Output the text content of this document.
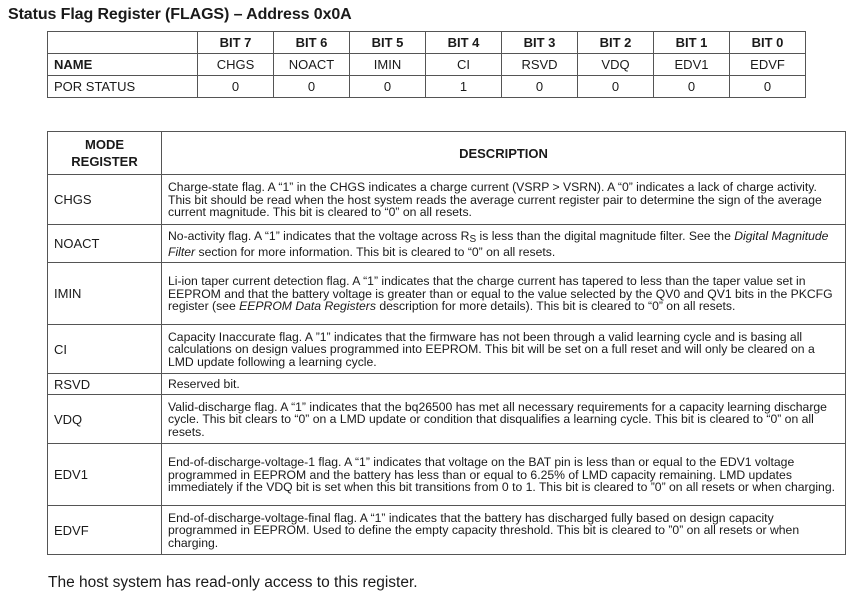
Status Flag Register (FLAGS) – Address 0x0A
	BIT 7	BIT 6	BIT 5	BIT 4	BIT 3	BIT 2	BIT 1	BIT 0
NAME	CHGS	NOACT	IMIN	CI	RSVD	VDQ	EDV1	EDVF
POR STATUS	0	0	0	1	0	0	0	0
MODE
REGISTER	DESCRIPTION
CHGS	Charge-state flag. A “1” in the CHGS indicates a charge current (VSRP > VSRN). A “0” indicates a lack of charge activity. This bit should be read when the host system reads the average current register pair to determine the sign of the average current magnitude. This bit is cleared to “0” on all resets.
NOACT	No-activity flag. A “1” indicates that the voltage across $R_S$ is less than the digital magnitude filter. See the Digital Magnitude Filter section for more information. This bit is cleared to “0” on all resets.
IMIN	Li-ion taper current detection flag. A “1” indicates that the charge current has tapered to less than the taper value set in EEPROM and that the battery voltage is greater than or equal to the value selected by the QV0 and QV1 bits in the PKCFG register (see EEPROM Data Registers description for more details). This bit is cleared to “0” on all resets.
CI	Capacity Inaccurate flag. A ”1” indicates that the firmware has not been through a valid learning cycle and is basing all calculations on design values programmed into EEPROM. This bit will be set on a full reset and will only be cleared on a LMD update following a learning cycle.
RSVD	Reserved bit.
VDQ	Valid-discharge flag. A “1” indicates that the bq26500 has met all necessary requirements for a capacity learning discharge cycle. This bit clears to “0” on a LMD update or condition that disqualifies a learning cycle. This bit is cleared to “0” on all resets.
EDV1	End-of-discharge-voltage-1 flag. A “1” indicates that voltage on the BAT pin is less than or equal to the EDV1 voltage programmed in EEPROM and the battery has less than or equal to 6.25% of LMD capacity remaining. LMD updates immediately if the VDQ bit is set when this bit transitions from 0 to 1. This bit is cleared to ”0” on all resets or when charging.
EDVF	End-of-discharge-voltage-final flag. A “1” indicates that the battery has discharged fully based on design capacity programmed in EEPROM. Used to define the empty capacity threshold. This bit is cleared to ”0” on all resets or when charging.
The host system has read-only access to this register.
